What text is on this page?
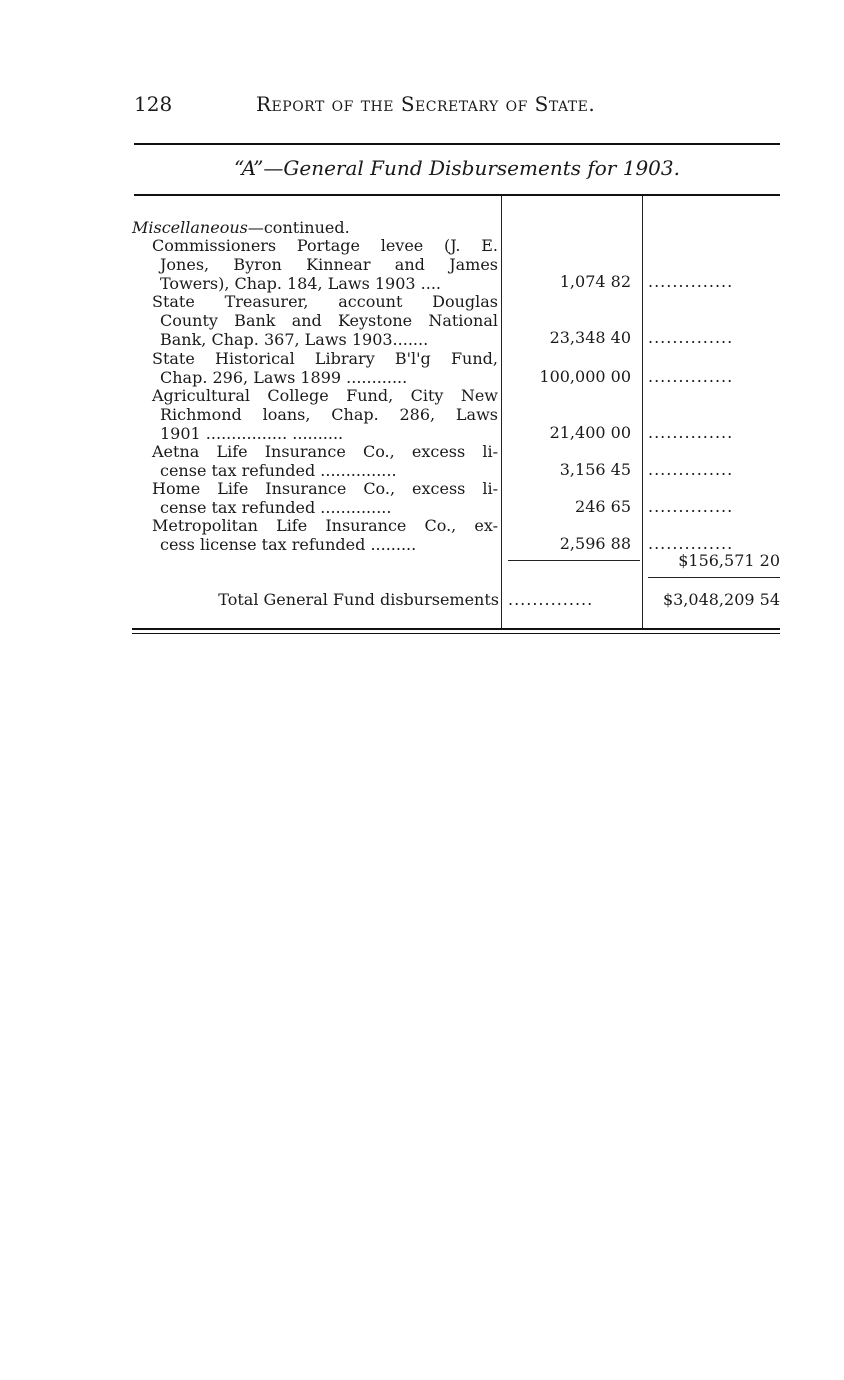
128	Report of the Secretary of State.
“A”—General Fund Disbursements for 1903.
Miscellaneous—continued.
Commissioners Portage levee (J. E.
Jones, Byron Kinnear and James
Towers), Chap. 184, Laws 1903 ....	1,074 82 ..............
State Treasurer, account Douglas
County Bank and Keystone National
Bank, Chap. 367, Laws 1903.......	23,348 40 ..............
State Historical Library B'l'g Fund,
Chap. 296, Laws 1899 ............	100,000 00 ..............
Agricultural College Fund, City New
Richmond loans, Chap. 286, Laws
1901 ................ ..........	21,400 00 ..............
Aetna Life Insurance Co., excess li-
cense tax refunded ...............	3,156 45 ..............
Home Life Insurance Co., excess li-
cense tax refunded ..............	246 65 ..............
Metropolitan Life Insurance Co., ex-
cess license tax refunded .........	2,596 88 ..............
$156,571 20
Total General Fund disbursements ..............	$3,048,209 54
